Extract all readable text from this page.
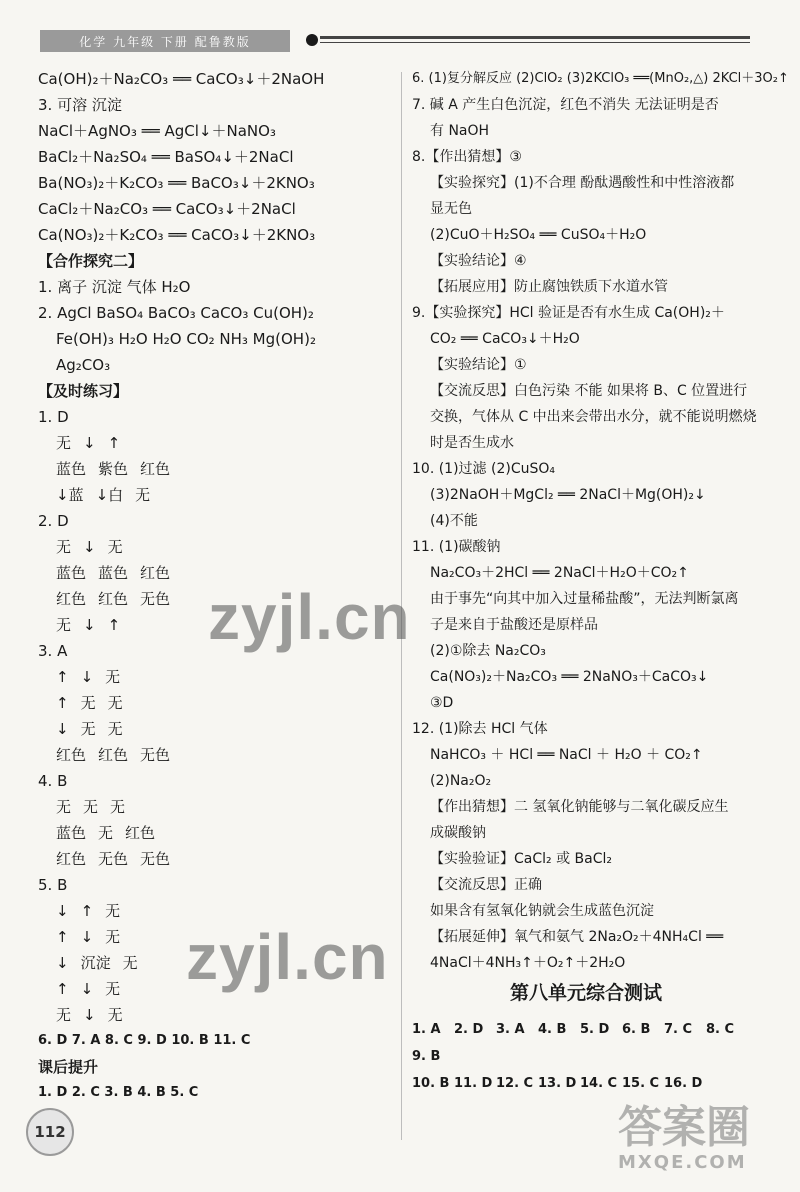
化学 九年级 下册 配鲁教版
Ca(OH)₂＋Na₂CO₃ ══ CaCO₃↓＋2NaOH
3. 可溶 沉淀
NaCl＋AgNO₃ ══ AgCl↓＋NaNO₃
BaCl₂＋Na₂SO₄ ══ BaSO₄↓＋2NaCl
Ba(NO₃)₂＋K₂CO₃ ══ BaCO₃↓＋2KNO₃
CaCl₂＋Na₂CO₃ ══ CaCO₃↓＋2NaCl
Ca(NO₃)₂＋K₂CO₃ ══ CaCO₃↓＋2KNO₃
【合作探究二】
1. 离子 沉淀 气体 H₂O
2. AgCl BaSO₄ BaCO₃ CaCO₃ Cu(OH)₂
Fe(OH)₃ H₂O H₂O CO₂ NH₃ Mg(OH)₂
Ag₂CO₃
【及时练习】
1. D
无 ↓ ↑
蓝色 紫色 红色
↓蓝 ↓白 无
2. D
无 ↓ 无
蓝色 蓝色 红色
红色 红色 无色
无 ↓ ↑
3. A
↑ ↓ 无
↑ 无 无
↓ 无 无
红色 红色 无色
4. B
无 无 无
蓝色 无 红色
红色 无色 无色
5. B
↓ ↑ 无
↑ ↓ 无
↓ 沉淀 无
↑ ↓ 无
无 ↓ 无
6. D 7. A 8. C 9. D 10. B 11. C
课后提升
1. D 2. C 3. B 4. B 5. C
6. (1)复分解反应 (2)ClO₂ (3)2KClO₃ ══(MnO₂,△) 2KCl＋3O₂↑
7. 碱 A 产生白色沉淀，红色不消失 无法证明是否
有 NaOH
8.【作出猜想】③
【实验探究】(1)不合理 酚酞遇酸性和中性溶液都
显无色
(2)CuO＋H₂SO₄ ══ CuSO₄＋H₂O
【实验结论】④
【拓展应用】防止腐蚀铁质下水道水管
9.【实验探究】HCl 验证是否有水生成 Ca(OH)₂＋
CO₂ ══ CaCO₃↓＋H₂O
【实验结论】①
【交流反思】白色污染 不能 如果将 B、C 位置进行
交换，气体从 C 中出来会带出水分，就不能说明燃烧
时是否生成水
10. (1)过滤 (2)CuSO₄
(3)2NaOH＋MgCl₂ ══ 2NaCl＋Mg(OH)₂↓
(4)不能
11. (1)碳酸钠
Na₂CO₃＋2HCl ══ 2NaCl＋H₂O＋CO₂↑
由于事先“向其中加入过量稀盐酸”，无法判断氯离
子是来自于盐酸还是原样品
(2)①除去 Na₂CO₃
Ca(NO₃)₂＋Na₂CO₃ ══ 2NaNO₃＋CaCO₃↓
③D
12. (1)除去 HCl 气体
NaHCO₃ ＋ HCl ══ NaCl ＋ H₂O ＋ CO₂↑
(2)Na₂O₂
【作出猜想】二 氢氧化钠能够与二氧化碳反应生
成碳酸钠
【实验验证】CaCl₂ 或 BaCl₂
【交流反思】正确
如果含有氢氧化钠就会生成蓝色沉淀
【拓展延伸】氧气和氨气 2Na₂O₂＋4NH₄Cl ══
4NaCl＋4NH₃↑＋O₂↑＋2H₂O
第八单元综合测试
1. A 2. D 3. A 4. B 5. D 6. B 7. C 8. C
9. B
10. B 11. D 12. C 13. D 14. C 15. C 16. D
112
zyjl.cn
zyjl.cn
答案圈
MXQE.COM
